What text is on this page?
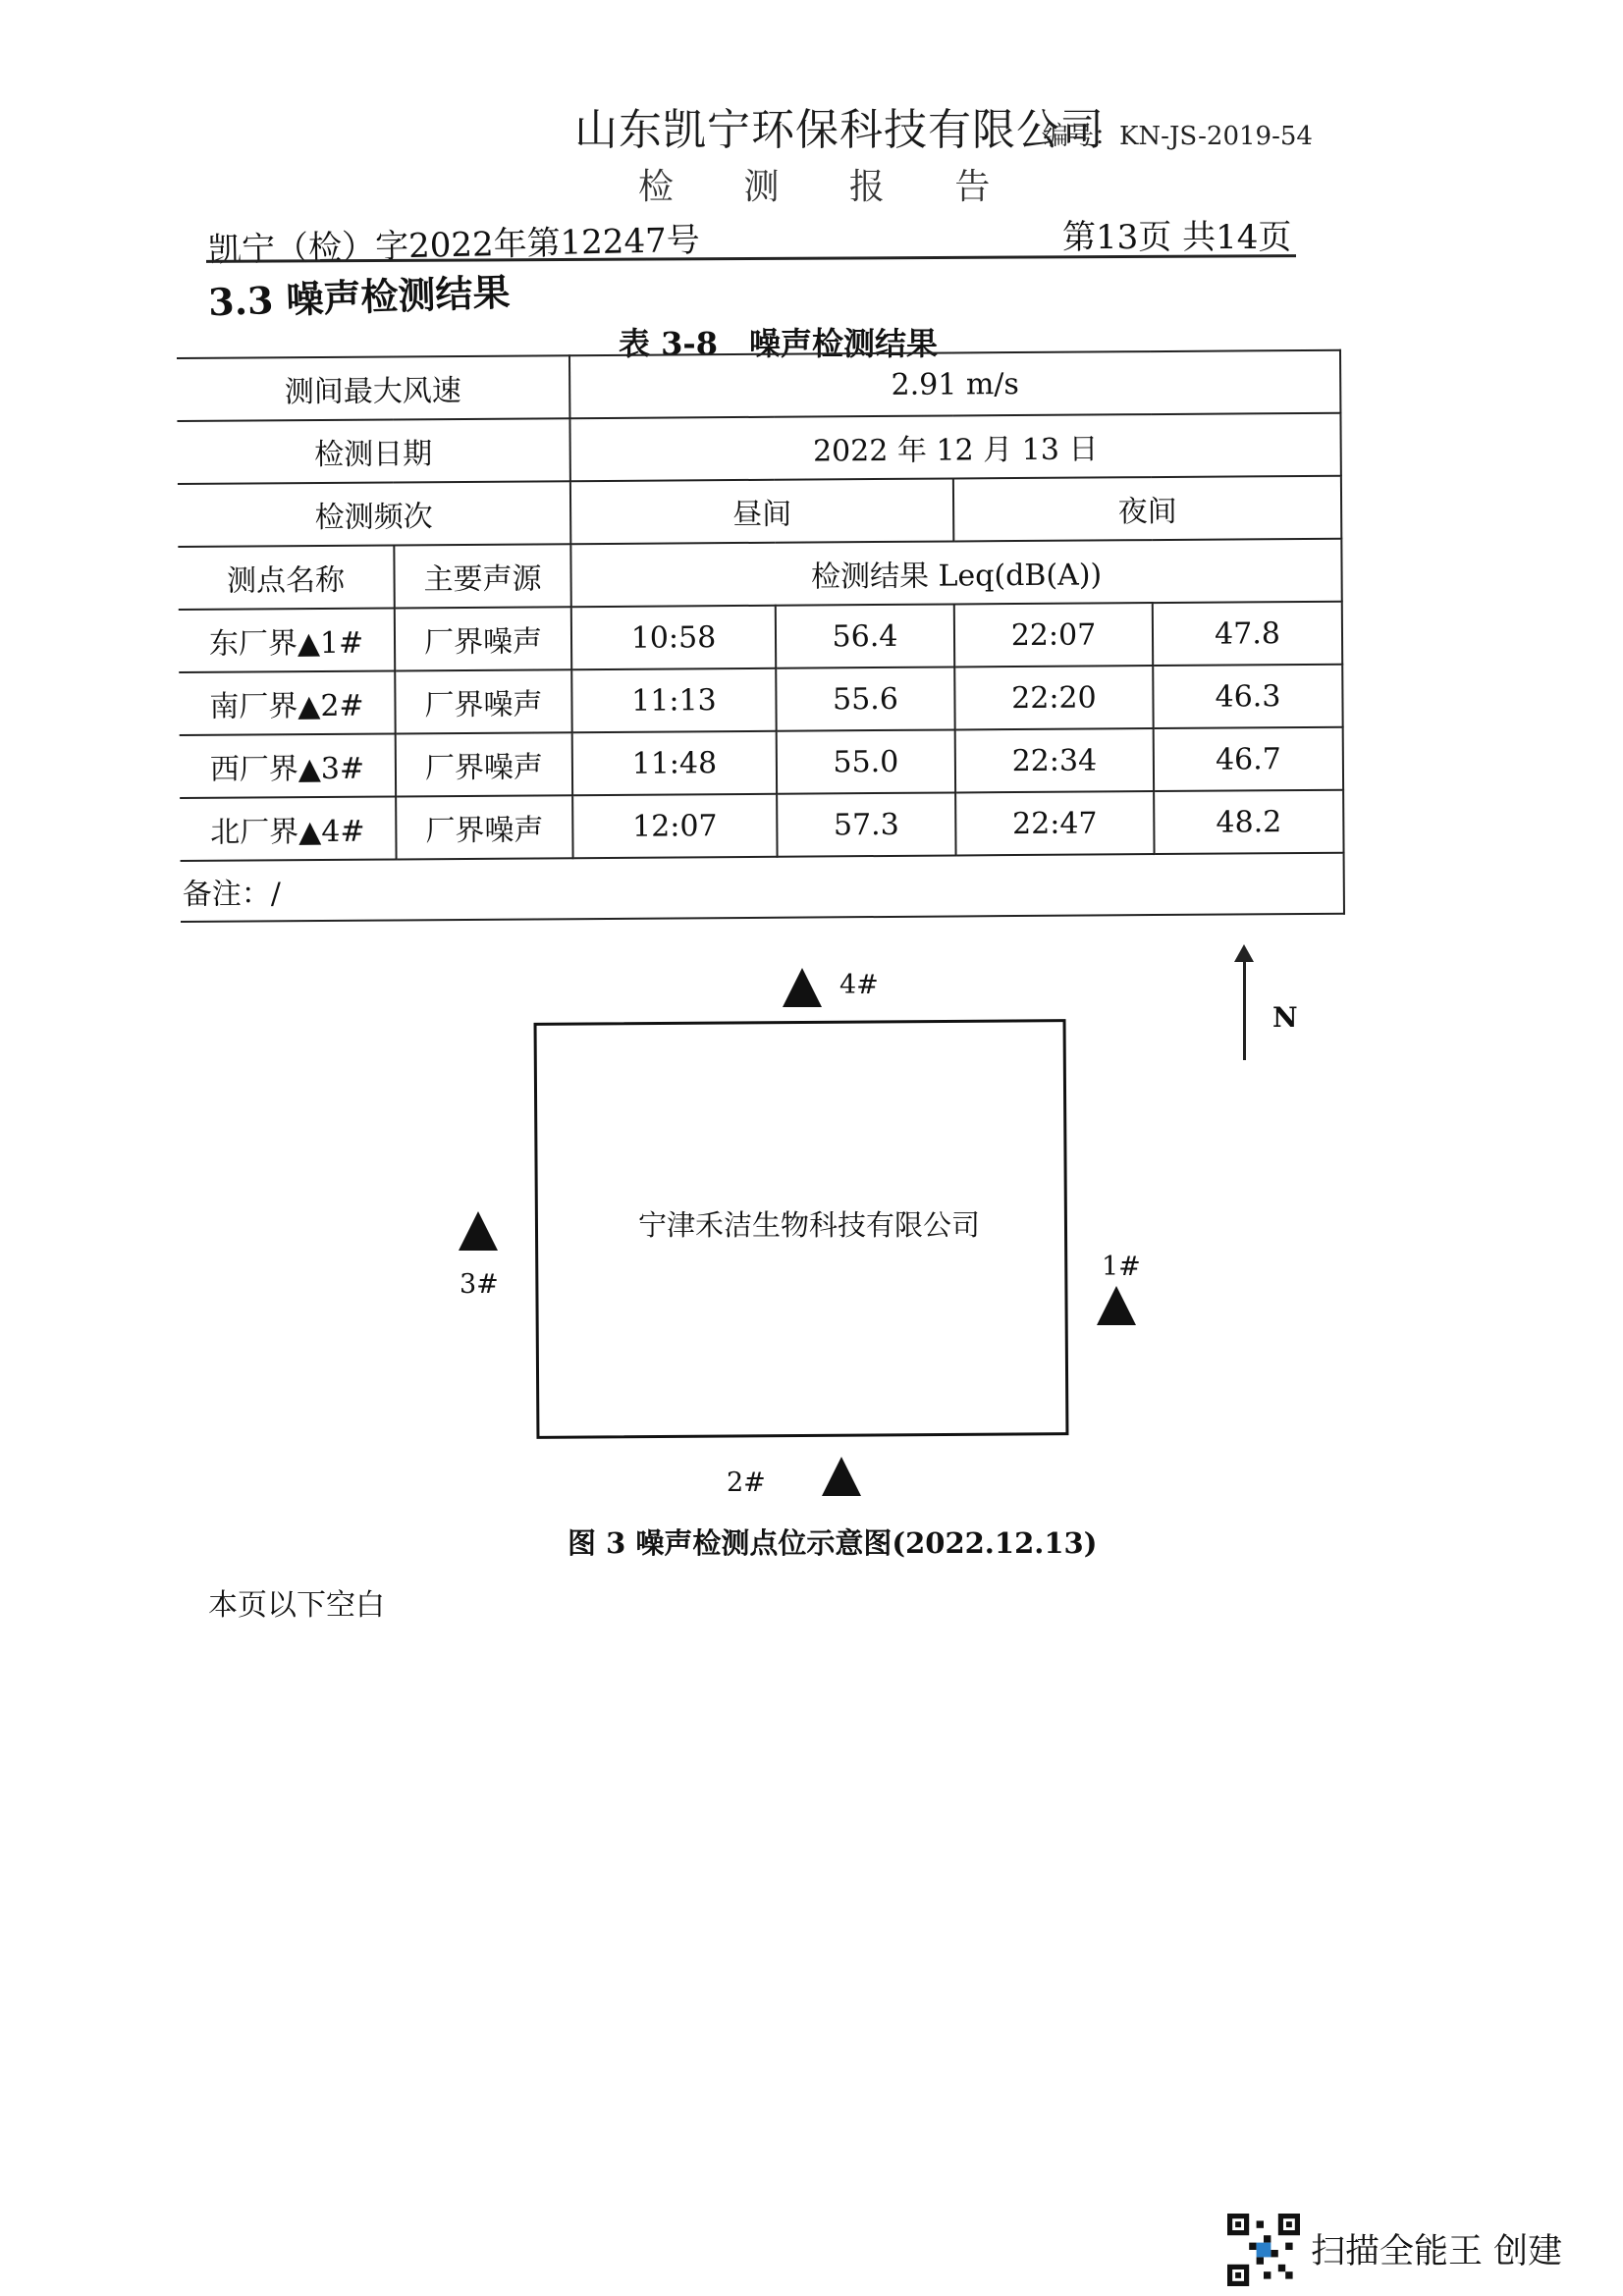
山东凯宁环保科技有限公司
编号：KN-JS-2019-54
检 测 报 告
凯宁（检）字2022年第12247号	第13页 共14页
3.3 噪声检测结果
表 3-8　噪声检测结果
测间最大风速		2.91 m/s			
检测日期		2022 年 12 月 13 日			
检测频次		昼间		夜间	
测点名称	主要声源	检测结果 Leq(dB(A))			
东厂界▲1#	厂界噪声	10:58	56.4	22:07	47.8
南厂界▲2#	厂界噪声	11:13	55.6	22:20	46.3
西厂界▲3#	厂界噪声	11:48	55.0	22:34	46.7
北厂界▲4#	厂界噪声	12:07	57.3	22:47	48.2
备注：/					
N
4#
宁津禾洁生物科技有限公司
3#
1#
2#
图 3 噪声检测点位示意图(2022.12.13)
本页以下空白
扫描全能王 创建
